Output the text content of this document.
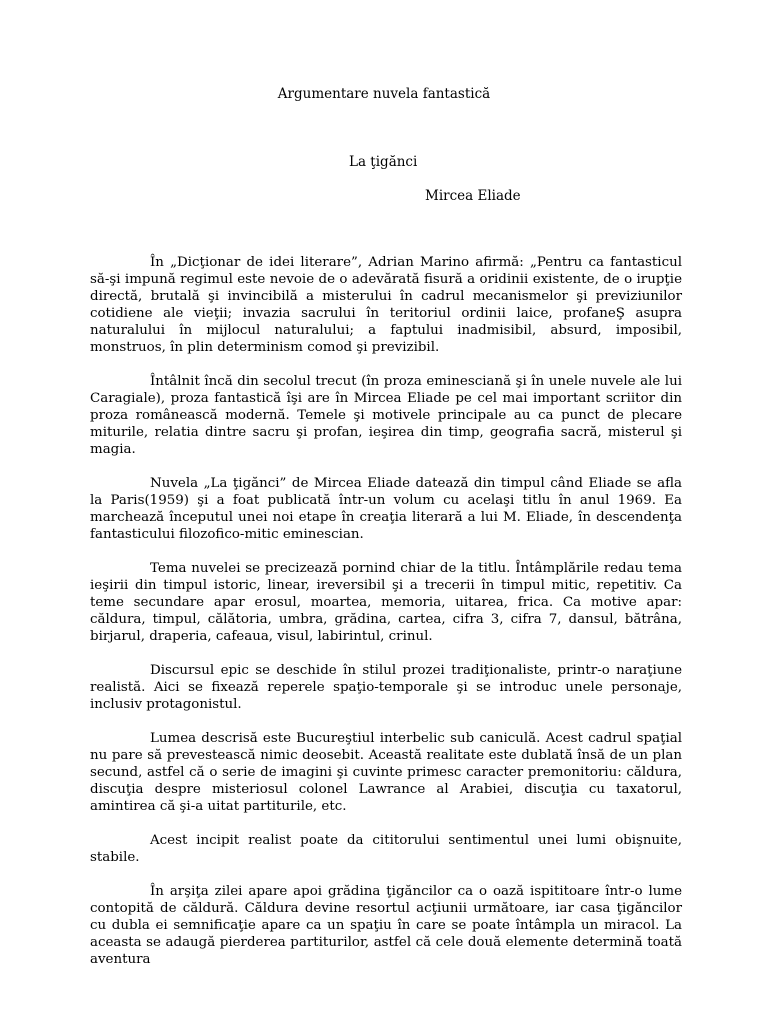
Argumentare nuvela fantastică
La ţigănci
Mircea Eliade

În „Dicţionar de idei literare”, Adrian Marino afirmă: „Pentru ca fantasticul să-şi impună regimul este nevoie de o adevărată fisură a oridinii existente, de o irupţie directă, brutală şi invincibilă a misterului în cadrul mecanismelor şi previziunilor cotidiene ale vieţii; invazia sacrului în teritoriul ordinii laice, profaneŞ asupra naturalului în mijlocul naturalului; a faptului inadmisibil, absurd, imposibil, monstruos, în plin determinism comod şi previzibil.

Întâlnit încă din secolul trecut (în proza eminesciană şi în unele nuvele ale lui Caragiale), proza fantastică îşi are în Mircea Eliade pe cel mai important scriitor din proza românească modernă. Temele şi motivele principale au ca punct de plecare miturile, relatia dintre sacru şi profan, ieşirea din timp, geografia sacră, misterul şi magia.

Nuvela „La ţigănci” de Mircea Eliade datează din timpul când Eliade se afla la Paris(1959) şi a foat publicată într-un volum cu acelaşi titlu în anul 1969. Ea marchează începutul unei noi etape în creaţia literară a lui M. Eliade, în descendenţa fantasticului filozofico-mitic eminescian.

Tema nuvelei se precizează pornind chiar de la titlu. Întâmplările redau tema ieşirii din timpul istoric, linear, ireversibil şi a trecerii în timpul mitic, repetitiv. Ca teme secundare apar erosul, moartea, memoria, uitarea, frica. Ca motive apar: căldura, timpul, călătoria, umbra, grădina, cartea, cifra 3, cifra 7, dansul, bătrâna, birjarul, draperia, cafeaua, visul, labirintul, crinul.

Discursul epic se deschide în stilul prozei tradiţionaliste, printr-o naraţiune realistă. Aici se fixează reperele spaţio-temporale şi se introduc unele personaje, inclusiv protagonistul.

Lumea descrisă este Bucureştiul interbelic sub caniculă. Acest cadrul spaţial nu pare să prevestească nimic deosebit. Această realitate este dublată însă de un plan secund, astfel că o serie de imagini şi cuvinte primesc caracter premonitoriu: căldura, discuţia despre misteriosul colonel Lawrance al Arabiei, discuţia cu taxatorul, amintirea că şi-a uitat partiturile, etc.

Acest incipit realist poate da cititorului sentimentul unei lumi obişnuite, stabile.

În arşiţa zilei apare apoi grădina ţigăncilor ca o oază ispititoare într-o lume contopită de căldură. Căldura devine resortul acţiunii următoare, iar casa ţigăncilor cu dubla ei semnificaţie apare ca un spaţiu în care se poate întâmpla un miracol. La aceasta se adaugă pierderea partiturilor, astfel că cele două elemente determină toată aventura
